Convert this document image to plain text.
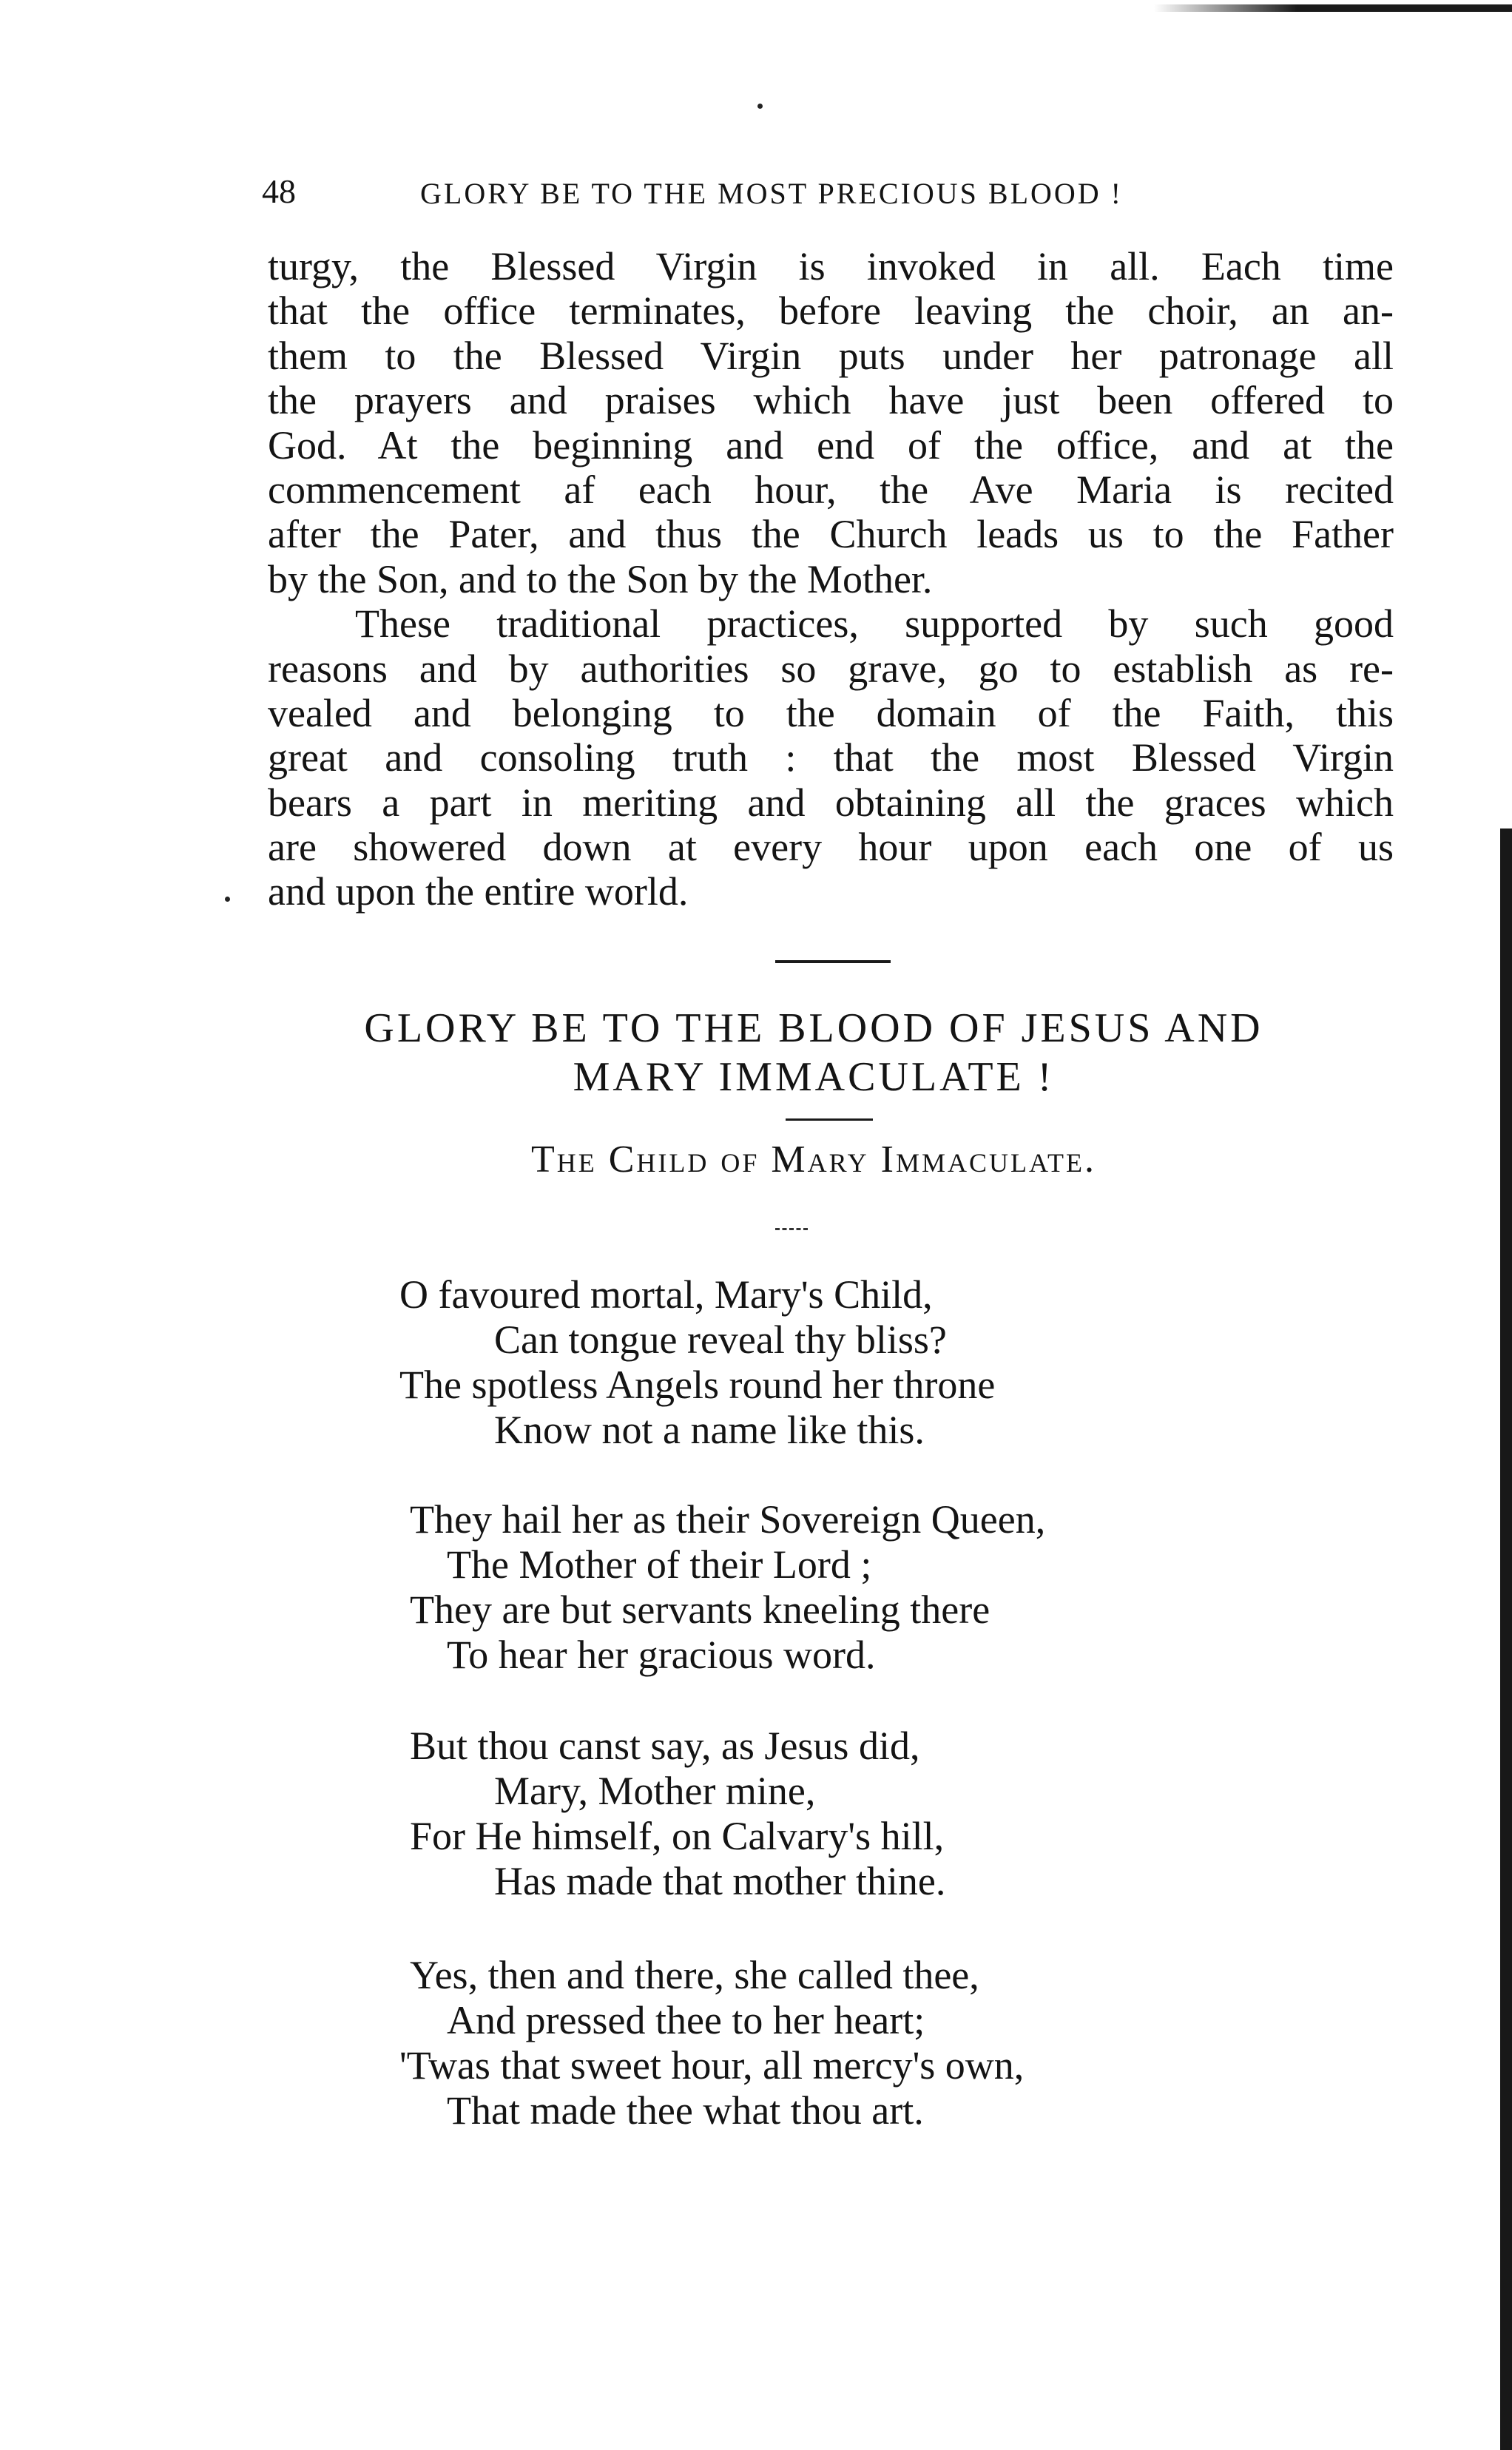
48	GLORY BE TO THE MOST PRECIOUS BLOOD !
turgy, the Blessed Virgin is invoked in all. Each time
that the office terminates, before leaving the choir, an an-
them to the Blessed Virgin puts under her patronage all
the prayers and praises which have just been offered to
God. At the beginning and end of the office, and at the
commencement af each hour, the Ave Maria is recited
after the Pater, and thus the Church leads us to the Father
by the Son, and to the Son by the Mother.
These traditional practices, supported by such good
reasons and by authorities so grave, go to establish as re-
vealed and belonging to the domain of the Faith, this
great and consoling truth : that the most Blessed Virgin
bears a part in meriting and obtaining all the graces which
are showered down at every hour upon each one of us
and upon the entire world.
GLORY BE TO THE BLOOD OF JESUS AND
MARY IMMACULATE !
The Child of Mary Immaculate.
O favoured mortal, Mary's Child,
Can tongue reveal thy bliss?
The spotless Angels round her throne
Know not a name like this.
They hail her as their Sovereign Queen,
The Mother of their Lord ;
They are but servants kneeling there
To hear her gracious word.
But thou canst say, as Jesus did,
Mary, Mother mine,
For He himself, on Calvary's hill,
Has made that mother thine.
Yes, then and there, she called thee,
And pressed thee to her heart;
'Twas that sweet hour, all mercy's own,
That made thee what thou art.
